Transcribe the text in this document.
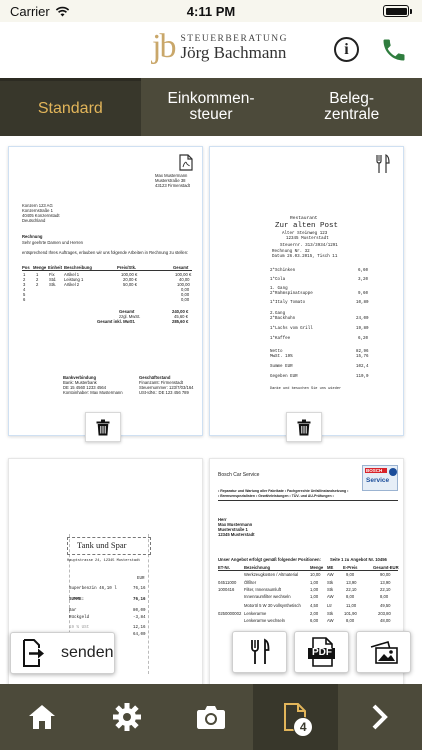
Carrier	4:11 PM
jb STEUERBERATUNG
Jörg Bachmann	i
Standard
Einkommen-
steuer
Beleg-
zentrale
Max Mustermann
Musterstraße 38
43123 Firmenstadt
Konzern 123 AG
Konzernstraße 1
40405 Konzernstadt
Deutschland
Rechnung
Sehr geehrte Damen und Herren
entsprechend Ihres Auftrages, erlauben wir uns folgende Arbeiten in Rechnung zu stellen:
Pos Menge Einheit Beschreibung	Preis/Stk.	Gesamt
1	1	Fix Artikel 1	100,00 €	100,00 €
2	2	Std. Leistung 1	20,00 €	40,00
3	2	Stk. Artikel 2	50,00 €	100,00
4	0,00
5	0,00
6	0,00
Gesamt	240,00 €
zzgl. MwSt.	45,60 €
Gesamt inkl. MwSt.	285,60 €
Bankverbindung
Bank: Musterbank
DE 15 4560 1233 4564
Kontoinhaber: Max Mustermann
Geschäftsstand
Finanzamt: Firmenstadt
Steuernummer: 123/7/03/164
USt-IdNr.: DE 123 456 789
Restaurant
Zur alten Post
Alter Steinweg 123
12345 Musterstadt
Steuernr. 313/3934/1291
Rechnung Nr. 32
Datum 26.03.2015, Tisch 11
2*Schinken	6,60
1*Cola	3,20
1. Gang
2*Rahmspinatsuppe	9,60
1*Italy Tomato	10,80
2.Gang
2*Backhuhn	24,00
1*Lachs vom Grill	19,80
1*Kaffee	6,20
Netto	82,96
MwSt. 19%	15,76
Summe EUR	102,4
Gegeben EUR	110,0
Danke und besuchen Sie uns wieder
Tank und Spar
Hauptstrasse 24, 12345 Musterstadt
EUR
Superbenzin 46,10 l	76,16
SUMME:	76,16
Bar	80,00
Rückgeld	-3,84
19 % USt	12,16
64,00
Bosch Car Service
BOSCH
Service
• Reparatur und Wartung aller Fabrikate • Fachgerechte Unfallinstandsetzung •
• Bremsenspezialisten • Gewährleistungen • TÜV- und AU-Prüfungen •
Herr
Max Mustermann
Musterstraße 1
12345 Musterstadt
Unser Angebot erfolgt gemäß folgender Positionen: Seite 1 zu Angebot Nr. 10456
ET-Nr.	Bezeichnung	Menge ME E-Preis	Gesamt-EUR
Werkzeugkosten / Altmaterial	10,00 AW	9,00	90,00
04511000 Ölfilter	1,00 Stk	13,90	13,90
1000416 Filter, Innenraumluft	1,00 Stk	22,10	22,10
Innenraumfilter wechseln	1,00 AW	8,00	8,00
Motoröl 5 W 30 vollsynthetisch 4,50 Ltr	11,00	49,50
0250000002 Lenkerarme	2,00 Stk	101,90	203,80
Lenkerarme wechseln	6,00 AW	8,00	48,00
senden	PDF
4
